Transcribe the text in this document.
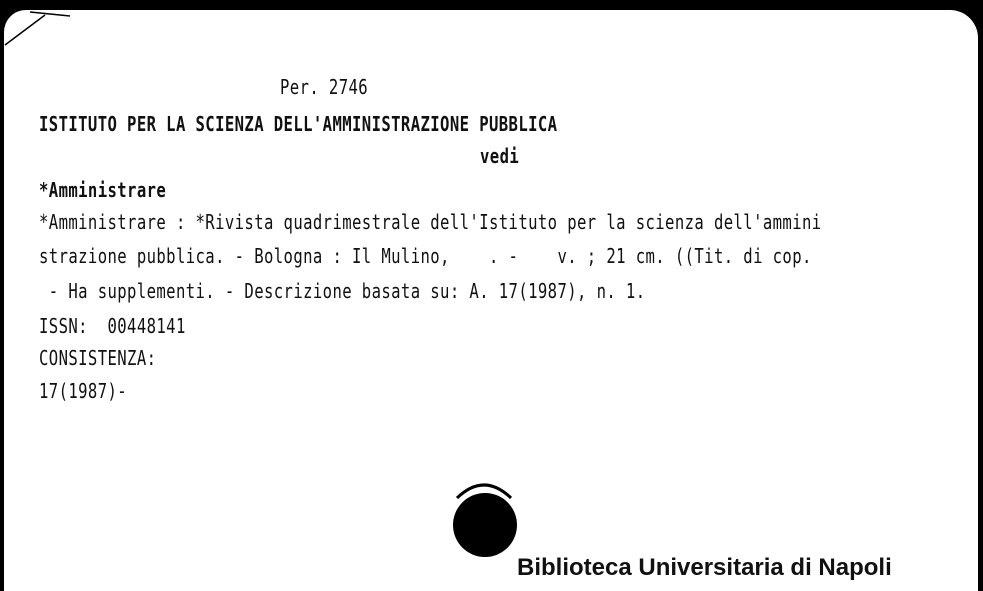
Per. 2746
ISTITUTO PER LA SCIENZA DELL'AMMINISTRAZIONE PUBBLICA
vedi
*Amministrare
*Amministrare : *Rivista quadrimestrale dell'Istituto per la scienza dell'ammini
strazione pubblica. - Bologna : Il Mulino,    . -    v. ; 21 cm. ((Tit. di cop.
- Ha supplementi. - Descrizione basata su: A. 17(1987), n. 1.
ISSN:  00448141
CONSISTENZA:
17(1987)-
Biblioteca Universitaria di Napoli
